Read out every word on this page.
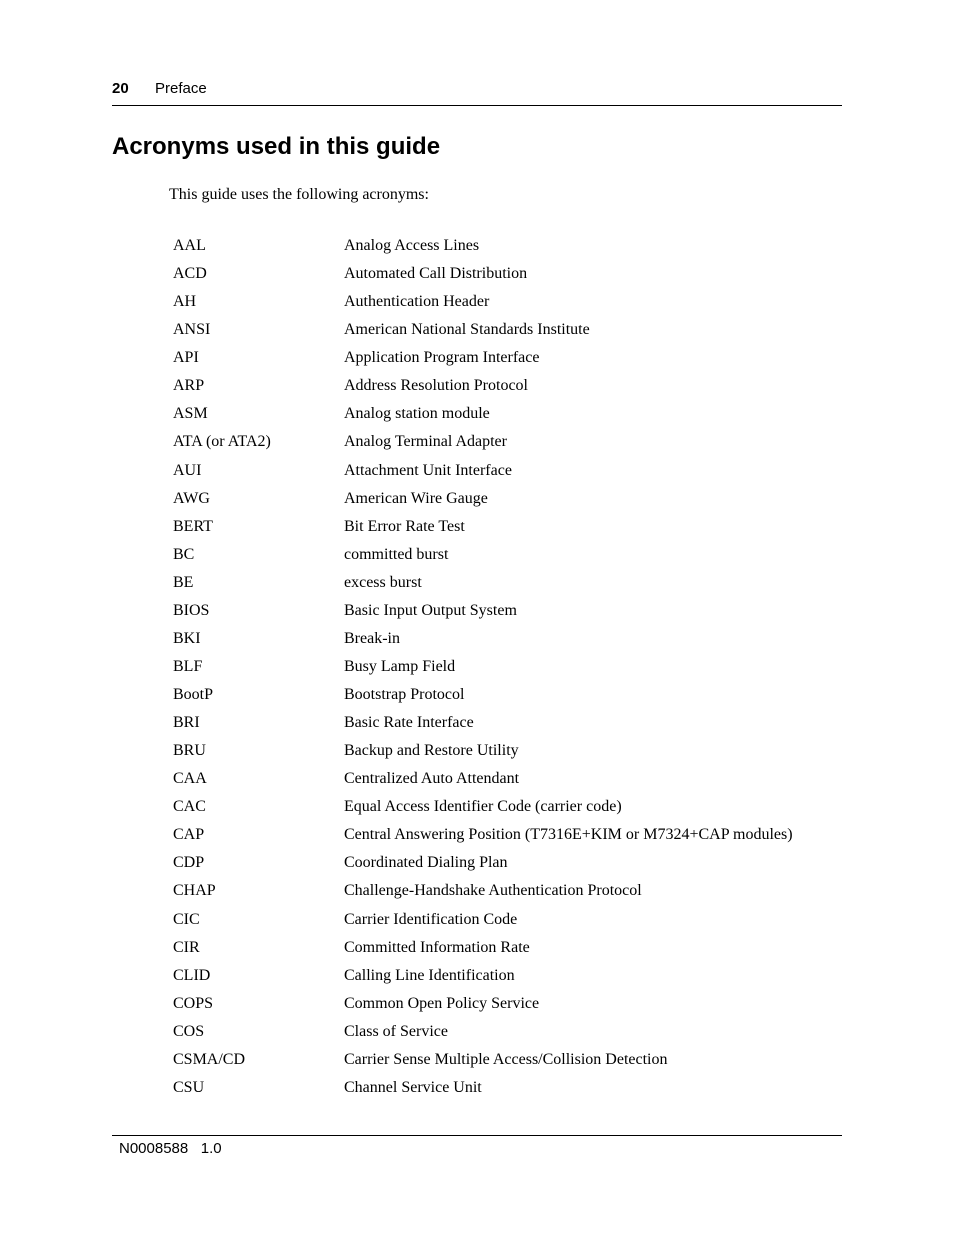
20 Preface
Acronyms used in this guide

This guide uses the following acronyms:

AAL	Analog Access Lines
ACD	Automated Call Distribution
AH	Authentication Header
ANSI	American National Standards Institute
API	Application Program Interface
ARP	Address Resolution Protocol
ASM	Analog station module
ATA (or ATA2)	Analog Terminal Adapter
AUI	Attachment Unit Interface
AWG	American Wire Gauge
BERT	Bit Error Rate Test
BC	committed burst
BE	excess burst
BIOS	Basic Input Output System
BKI	Break-in
BLF	Busy Lamp Field
BootP	Bootstrap Protocol
BRI	Basic Rate Interface
BRU	Backup and Restore Utility
CAA	Centralized Auto Attendant
CAC	Equal Access Identifier Code (carrier code)
CAP	Central Answering Position (T7316E+KIM or M7324+CAP modules)
CDP	Coordinated Dialing Plan
CHAP	Challenge-Handshake Authentication Protocol
CIC	Carrier Identification Code
CIR	Committed Information Rate
CLID	Calling Line Identification
COPS	Common Open Policy Service
COS	Class of Service
CSMA/CD	Carrier Sense Multiple Access/Collision Detection
CSU	Channel Service Unit
N0008588 1.0
